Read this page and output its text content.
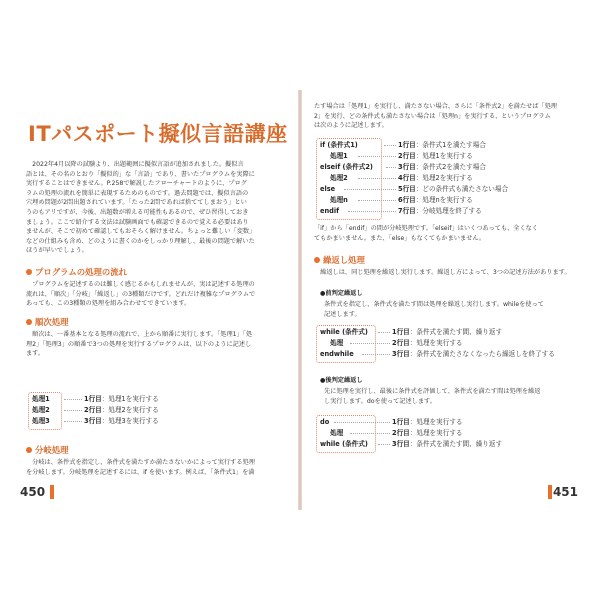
ITパスポート擬似言語講座

　2022年4月以降の試験より、出題範囲に擬似言語が追加されました。擬似言

語とは、その名のとおり「擬似的」な「言語」であり、書いたプログラムを実際に

実行することはできません。P.258で解説したフローチャートのように、プログ

ラムの処理の流れを簡単に表現するためのものです。過去問題では、擬似言語の

穴埋め問題が2問出題されています。「たった2問であれば捨ててしまおう」とい

うのもアリですが、今後、出題数が増える可能性もあるので、ぜひ習得しておき

ましょう。ここで紹介する文法は試験画面でも確認できるので覚える必要はあり

ませんが、そこで初めて確認してもおそらく解けません。ちょっと難しい「変数」

などの仕組みも含め、どのように書くのかをしっかり理解し、最後の問題で解いた

ほうが早いでしょう。

プログラムの処理の流れ

　プログラムを記述するのは難しく感じるかもしれませんが、実は記述する処理の

流れは、「順次」「分岐」「繰返し」の3種類だけです。どれだけ複雑なプログラムで

あっても、この3種類の処理を組み合わせてできています。

順次処理

　順次は、一番基本となる処理の流れで、上から順番に実行します。「処理1」「処

理2」「処理3」の順番で3つの処理を実行するプログラムは、以下のように記述し

ます。

処理1	1行目：処理1を実行する
処理2	2行目：処理2を実行する
処理3	3行目：処理3を実行する
分岐処理

　分岐は、条件式を指定し、条件式を満たすか満たさないかによって実行する処理

を分岐します。分岐処理を記述するには、if を使います。例えば、「条件式1」を満

450

たす場合は「処理1」を実行し、満たさない場合、さらに「条件式2」を満たせば「処理

2」を実行、どの条件式も満たさない場合は「処理n」を実行する、というプログラム

は次のように記述します。

if (条件式1)	1行目：条件式1を満たす場合
処理1	2行目：処理1を実行する
elseif (条件式2)	3行目：条件式2を満たす場合
処理2	4行目：処理2を実行する
else	5行目：どの条件式も満たさない場合
処理n	6行目：処理nを実行する
endif	7行目：分岐処理を終了する

「if」から「endif」の間が分岐処理です。「elseif」はいくつあっても、全くなく

てもかまいません。また、「else」もなくてもかまいません。

繰返し処理

　繰返しは、同じ処理を繰返し実行します。繰返し方によって、3つの記述方法があります。

●前判定繰返し

条件式を指定し、条件式を満たす間は処理を繰返し実行します。whileを使って

記述します。

while (条件式)	1行目：条件式を満たす間、繰り返す
処理	2行目：処理を実行する
endwhile	3行目：条件式を満たさなくなったら繰返しを終了する
●後判定繰返し

先に処理を実行し、最後に条件式を評価して、条件式を満たす間は処理を繰返

し実行します。doを使って記述します。

do	1行目：処理を実行する
処理	2行目：処理を実行する
while (条件式)	3行目：条件式を満たす間、繰り返す
451
